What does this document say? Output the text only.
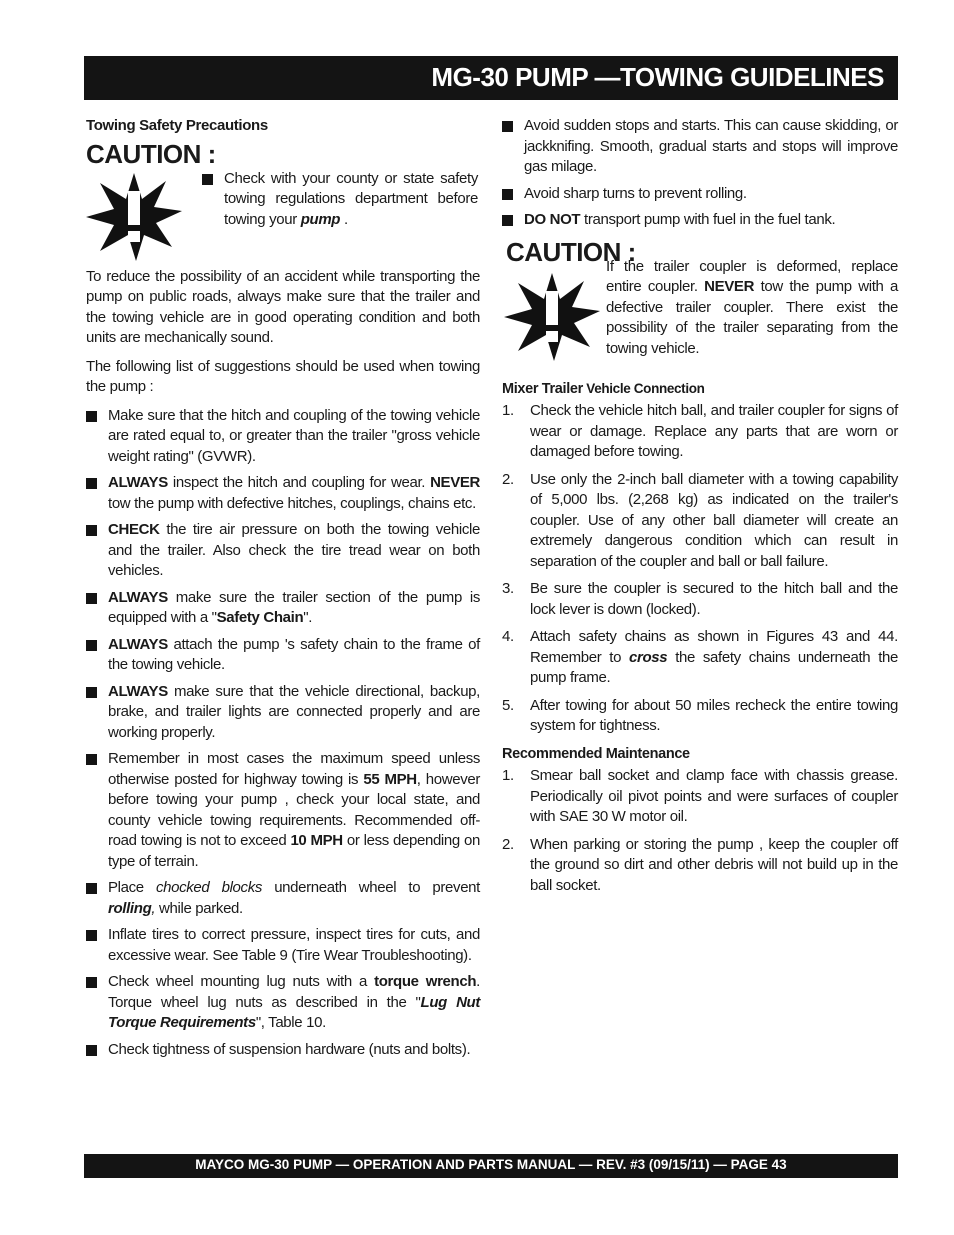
MG-30 PUMP —TOWING GUIDELINES

Towing Safety Precautions

CAUTION :

Check with your county or state safety towing regulations department before towing your pump .

To reduce the possibility of an accident while transporting the pump on public roads, always make sure that the trailer and the towing vehicle are in good operating condition and both units are mechanically sound.

The following list of suggestions should be used when towing the pump :

Make sure that the hitch and coupling of the towing vehicle are rated equal to, or greater than the trailer "gross vehicle weight rating" (GVWR).
ALWAYS inspect the hitch and coupling for wear. NEVER tow the pump with defective hitches, couplings, chains etc.
CHECK the tire air pressure on both the towing vehicle and the trailer. Also check the tire tread wear on both vehicles.
ALWAYS make sure the trailer section of the pump is equipped with a "Safety Chain".
ALWAYS attach the pump 's safety chain to the frame of the towing vehicle.
ALWAYS make sure that the vehicle directional, backup, brake, and trailer lights are connected properly and are working properly.
Remember in most cases the maximum speed unless otherwise posted for highway towing is 55 MPH, however before towing your pump , check your local state, and county vehicle towing requirements. Recommended off-road towing is not to exceed 10 MPH or less depending on type of terrain.
Place chocked blocks underneath wheel to prevent rolling, while parked.
Inflate tires to correct pressure, inspect tires for cuts, and excessive wear. See Table 9 (Tire Wear Troubleshooting).
Check wheel mounting lug nuts with a torque wrench. Torque wheel lug nuts as described in the "Lug Nut Torque Requirements", Table 10.
Check tightness of suspension hardware (nuts and bolts).
Avoid sudden stops and starts. This can cause skidding, or jackknifing. Smooth, gradual starts and stops will improve gas milage.
Avoid sharp turns to prevent rolling.
DO NOT transport pump with fuel in the fuel tank.

CAUTION :

If the trailer coupler is deformed, replace entire coupler. NEVER tow the pump with a defective trailer coupler. There exist the possibility of the trailer separating from the towing vehicle.

Mixer Trailer Vehicle Connection

1. Check the vehicle hitch ball, and trailer coupler for signs of wear or damage. Replace any parts that are worn or damaged before towing.
2. Use only the 2-inch ball diameter with a towing capability of 5,000 lbs. (2,268 kg) as indicated on the trailer's coupler. Use of any other ball diameter will create an extremely dangerous condition which can result in separation of the coupler and ball or ball failure.
3. Be sure the coupler is secured to the hitch ball and the lock lever is down (locked).
4. Attach safety chains as shown in Figures 43 and 44. Remember to cross the safety chains underneath the pump frame.
5. After towing for about 50 miles recheck the entire towing system for tightness.

Recommended Maintenance

1. Smear ball socket and clamp face with chassis grease. Periodically oil pivot points and were surfaces of coupler with SAE 30 W motor oil.
2. When parking or storing the pump , keep the coupler off the ground so dirt and other debris will not build up in the ball socket.
MAYCO MG-30 PUMP — OPERATION AND PARTS MANUAL — REV. #3 (09/15/11) — PAGE 43
